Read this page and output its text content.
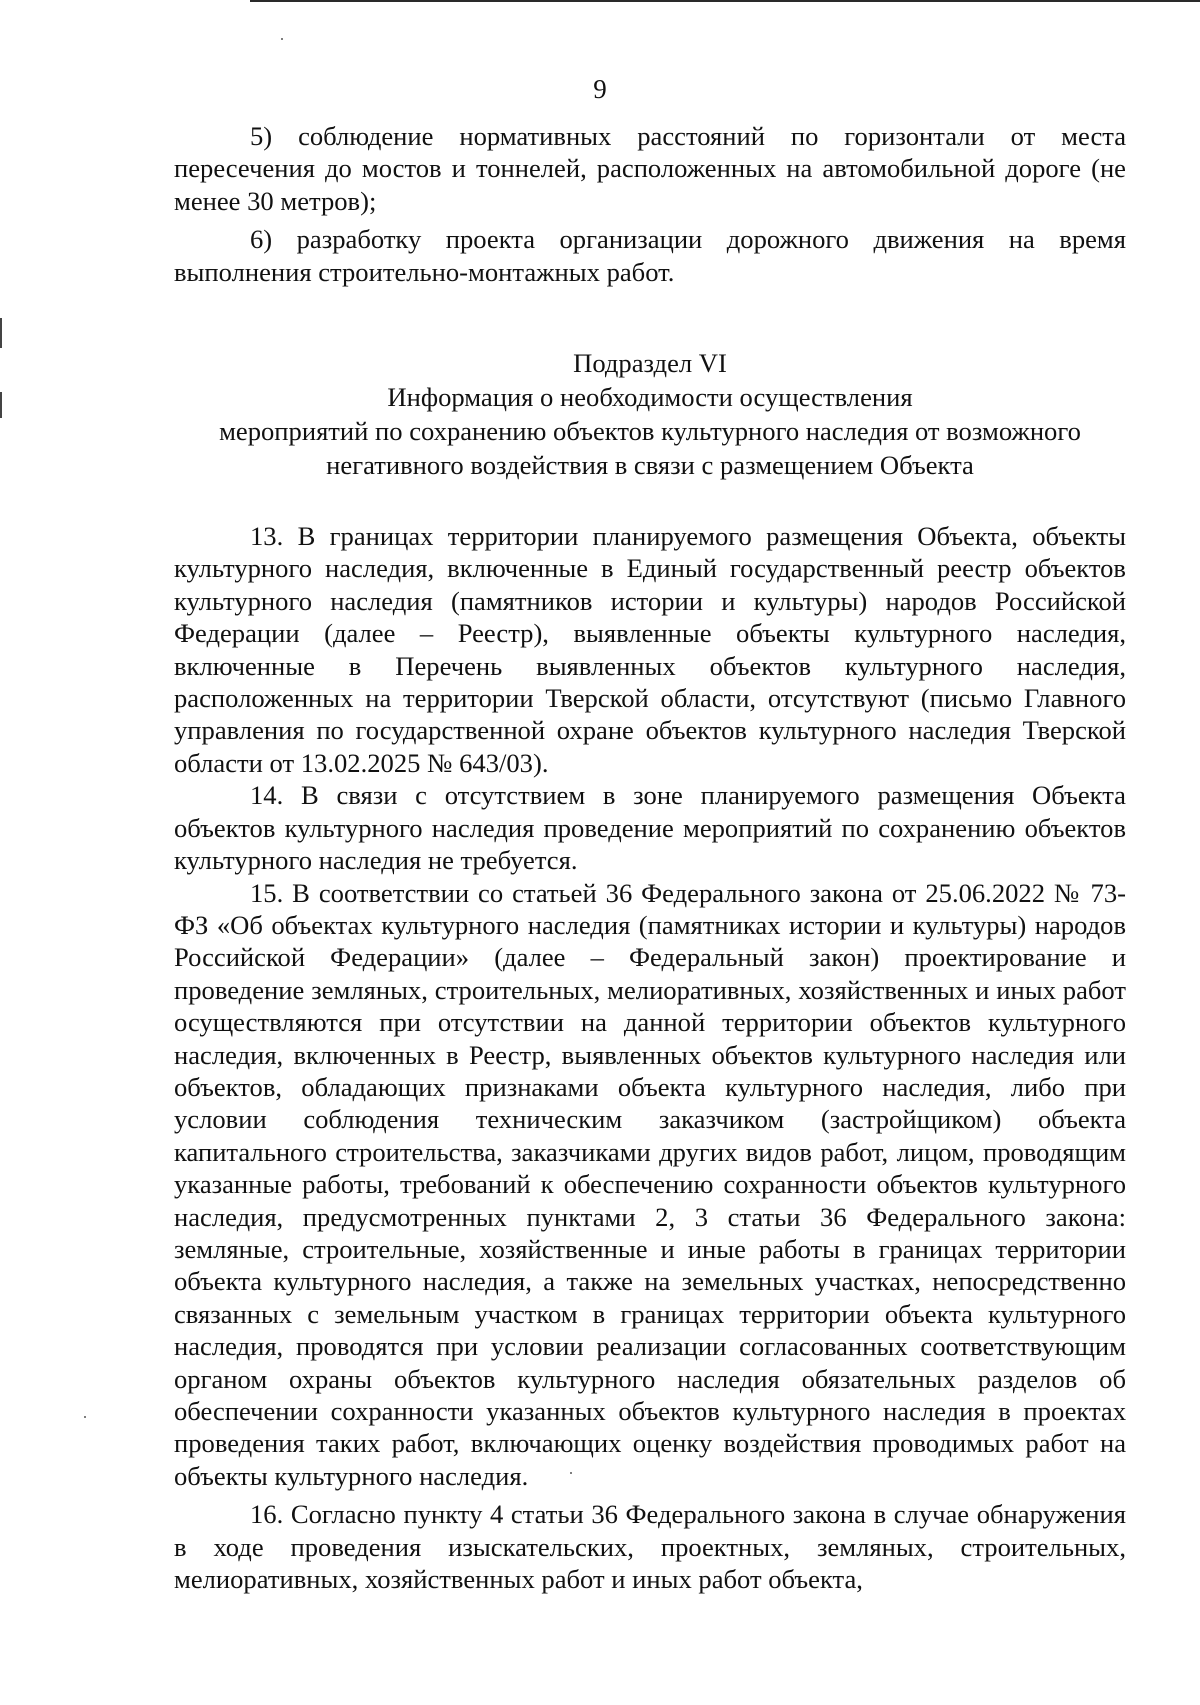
9

5) соблюдение нормативных расстояний по горизонтали от места пересечения до мостов и тоннелей, расположенных на автомобильной дороге (не менее 30 метров);

6) разработку проекта организации дорожного движения на время выполнения строительно-монтажных работ.

Подраздел VI
Информация о необходимости осуществления
мероприятий по сохранению объектов культурного наследия от возможного
негативного воздействия в связи с размещением Объекта

13. В границах территории планируемого размещения Объекта, объекты культурного наследия, включенные в Единый государственный реестр объектов культурного наследия (памятников истории и культуры) народов Российской Федерации (далее – Реестр), выявленные объекты культурного наследия, включенные в Перечень выявленных объектов культурного наследия, расположенных на территории Тверской области, отсутствуют (письмо Главного управления по государственной охране объектов культурного наследия Тверской области от 13.02.2025 № 643/03).

14. В связи с отсутствием в зоне планируемого размещения Объекта объектов культурного наследия проведение мероприятий по сохранению объектов культурного наследия не требуется.

15. В соответствии со статьей 36 Федерального закона от 25.06.2022 № 73-ФЗ «Об объектах культурного наследия (памятниках истории и культуры) народов Российской Федерации» (далее – Федеральный закон) проектирование и проведение земляных, строительных, мелиоративных, хозяйственных и иных работ осуществляются при отсутствии на данной территории объектов культурного наследия, включенных в Реестр, выявленных объектов культурного наследия или объектов, обладающих признаками объекта культурного наследия, либо при условии соблюдения техническим заказчиком (застройщиком) объекта капитального строительства, заказчиками других видов работ, лицом, проводящим указанные работы, требований к обеспечению сохранности объектов культурного наследия, предусмотренных пунктами 2, 3 статьи 36 Федерального закона: земляные, строительные, хозяйственные и иные работы в границах территории объекта культурного наследия, а также на земельных участках, непосредственно связанных с земельным участком в границах территории объекта культурного наследия, проводятся при условии реализации согласованных соответствующим органом охраны объектов культурного наследия обязательных разделов об обеспечении сохранности указанных объектов культурного наследия в проектах проведения таких работ, включающих оценку воздействия проводимых работ на объекты культурного наследия.

16. Согласно пункту 4 статьи 36 Федерального закона в случае обнаружения в ходе проведения изыскательских, проектных, земляных, строительных, мелиоративных, хозяйственных работ и иных работ объекта,
